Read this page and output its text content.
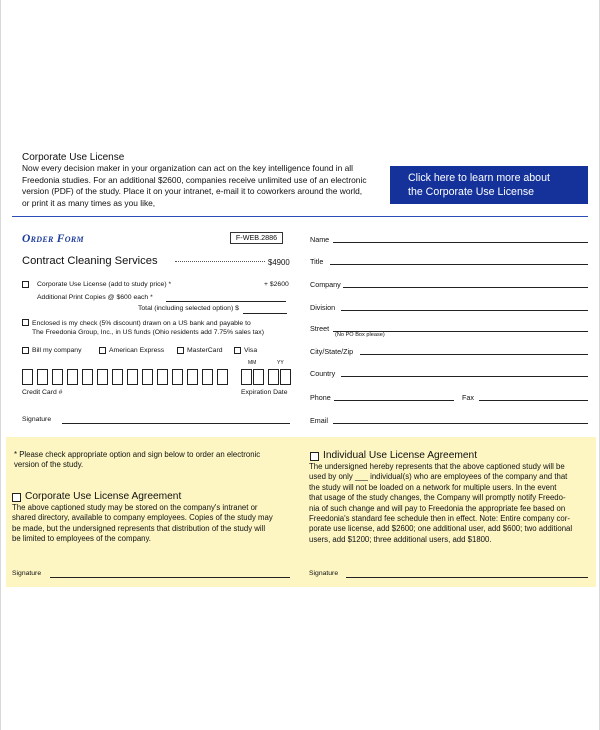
Corporate Use License
Now every decision maker in your organization can act on the key intelligence found in all
Freedonia studies. For an additional $2600, companies receive unlimited use of an electronic
version (PDF) of the study. Place it on your intranet, e-mail it to coworkers around the world,
or print it as many times as you like,
Click here to learn more about
the Corporate Use License
Order Form	F-WEB.2886
Contract Cleaning Services	$4900
Corporate Use License (add to study price) *	+ $2600
Additional Print Copies @ $600 each *
Total (including selected option) $
Enclosed is my check (5% discount) drawn on a US bank and payable to
The Freedonia Group, Inc., in US funds (Ohio residents add 7.75% sales tax)
Bill my company	American Express	MasterCard	Visa
MM	YY
Credit Card #	Expiration Date
Signature
Name
Title
Company
Division
Street
(No PO Box please)
City/State/Zip
Country
Phone	Fax
Email
* Please check appropriate option and sign below to order an electronic
version of the study.
Corporate Use License Agreement
The above captioned study may be stored on the company's intranet or
shared directory, available to company employees. Copies of the study may
be made, but the undersigned represents that distribution of the study will
be limited to employees of the company.
Individual Use License Agreement
The undersigned hereby represents that the above captioned study will be
used by only ___ individual(s) who are employees of the company and that
the study will not be loaded on a network for multiple users. In the event
that usage of the study changes, the Company will promptly notify Freedo-
nia of such change and will pay to Freedonia the appropriate fee based on
Freedonia's standard fee schedule then in effect. Note: Entire company cor-
porate use license, add $2600; one additional user, add $600; two additional
users, add $1200; three additional users, add $1800.
Signature	Signature
